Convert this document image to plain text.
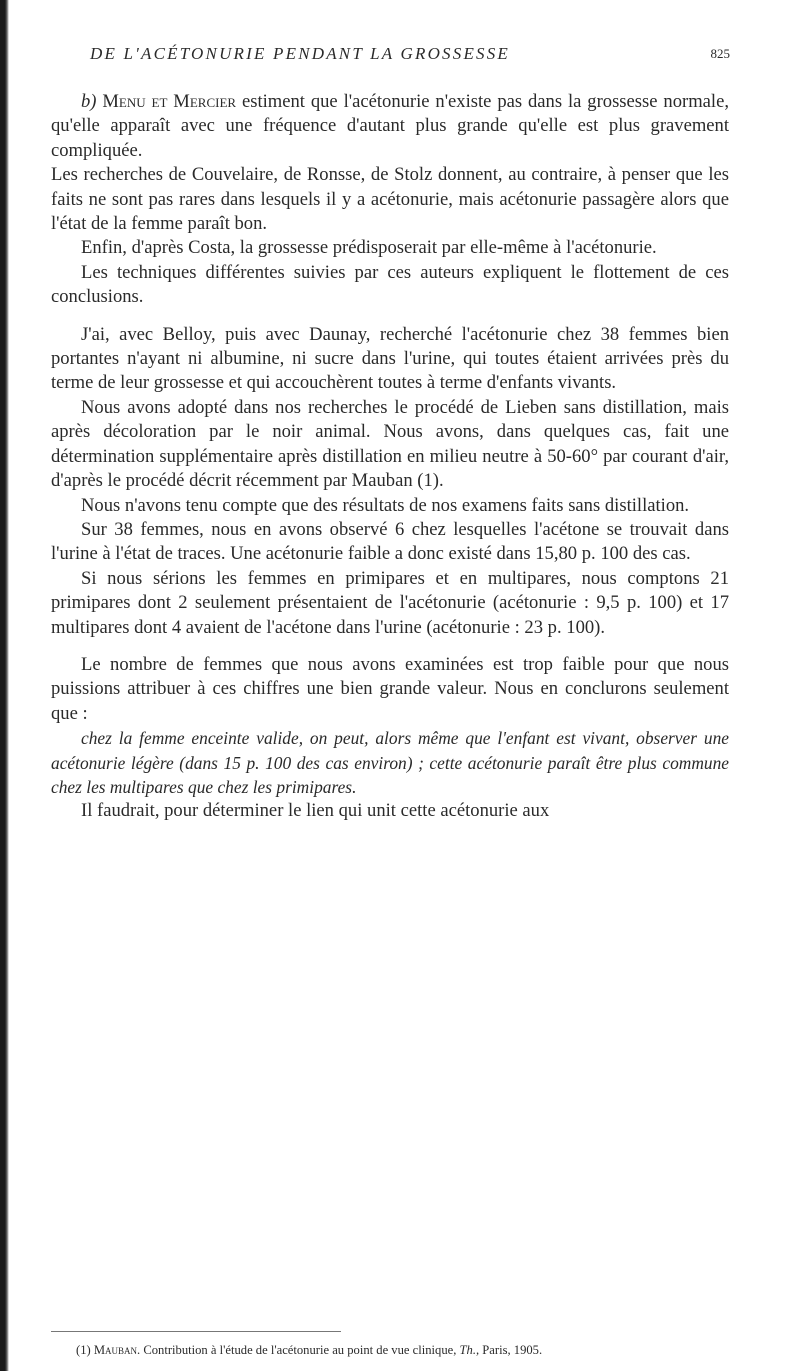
DE L'ACÉTONURIE PENDANT LA GROSSESSE	825

b) Menu et Mercier estiment que l'acétonurie n'existe pas dans la grossesse normale, qu'elle apparaît avec une fréquence d'autant plus grande qu'elle est plus gravement compliquée.

Les recherches de Couvelaire, de Ronsse, de Stolz donnent, au contraire, à penser que les faits ne sont pas rares dans lesquels il y a acétonurie, mais acétonurie passagère alors que l'état de la femme paraît bon.

Enfin, d'après Costa, la grossesse prédisposerait par elle-même à l'acétonurie.

Les techniques différentes suivies par ces auteurs expliquent le flottement de ces conclusions.

J'ai, avec Belloy, puis avec Daunay, recherché l'acétonurie chez 38 femmes bien portantes n'ayant ni albumine, ni sucre dans l'urine, qui toutes étaient arrivées près du terme de leur grossesse et qui accouchèrent toutes à terme d'enfants vivants.

Nous avons adopté dans nos recherches le procédé de Lieben sans distillation, mais après décoloration par le noir animal. Nous avons, dans quelques cas, fait une détermination supplémentaire après distillation en milieu neutre à 50-60° par courant d'air, d'après le procédé décrit récemment par Mauban (1).

Nous n'avons tenu compte que des résultats de nos examens faits sans distillation.

Sur 38 femmes, nous en avons observé 6 chez lesquelles l'acétone se trouvait dans l'urine à l'état de traces. Une acétonurie faible a donc existé dans 15,80 p. 100 des cas.

Si nous sérions les femmes en primipares et en multipares, nous comptons 21 primipares dont 2 seulement présentaient de l'acétonurie (acétonurie : 9,5 p. 100) et 17 multipares dont 4 avaient de l'acétone dans l'urine (acétonurie : 23 p. 100).

Le nombre de femmes que nous avons examinées est trop faible pour que nous puissions attribuer à ces chiffres une bien grande valeur. Nous en conclurons seulement que :

chez la femme enceinte valide, on peut, alors même que l'enfant est vivant, observer une acétonurie légère (dans 15 p. 100 des cas environ) ; cette acétonurie paraît être plus commune chez les multipares que chez les primipares.

Il faudrait, pour déterminer le lien qui unit cette acétonurie aux

(1) Mauban. Contribution à l'étude de l'acétonurie au point de vue clinique, Th., Paris, 1905.
